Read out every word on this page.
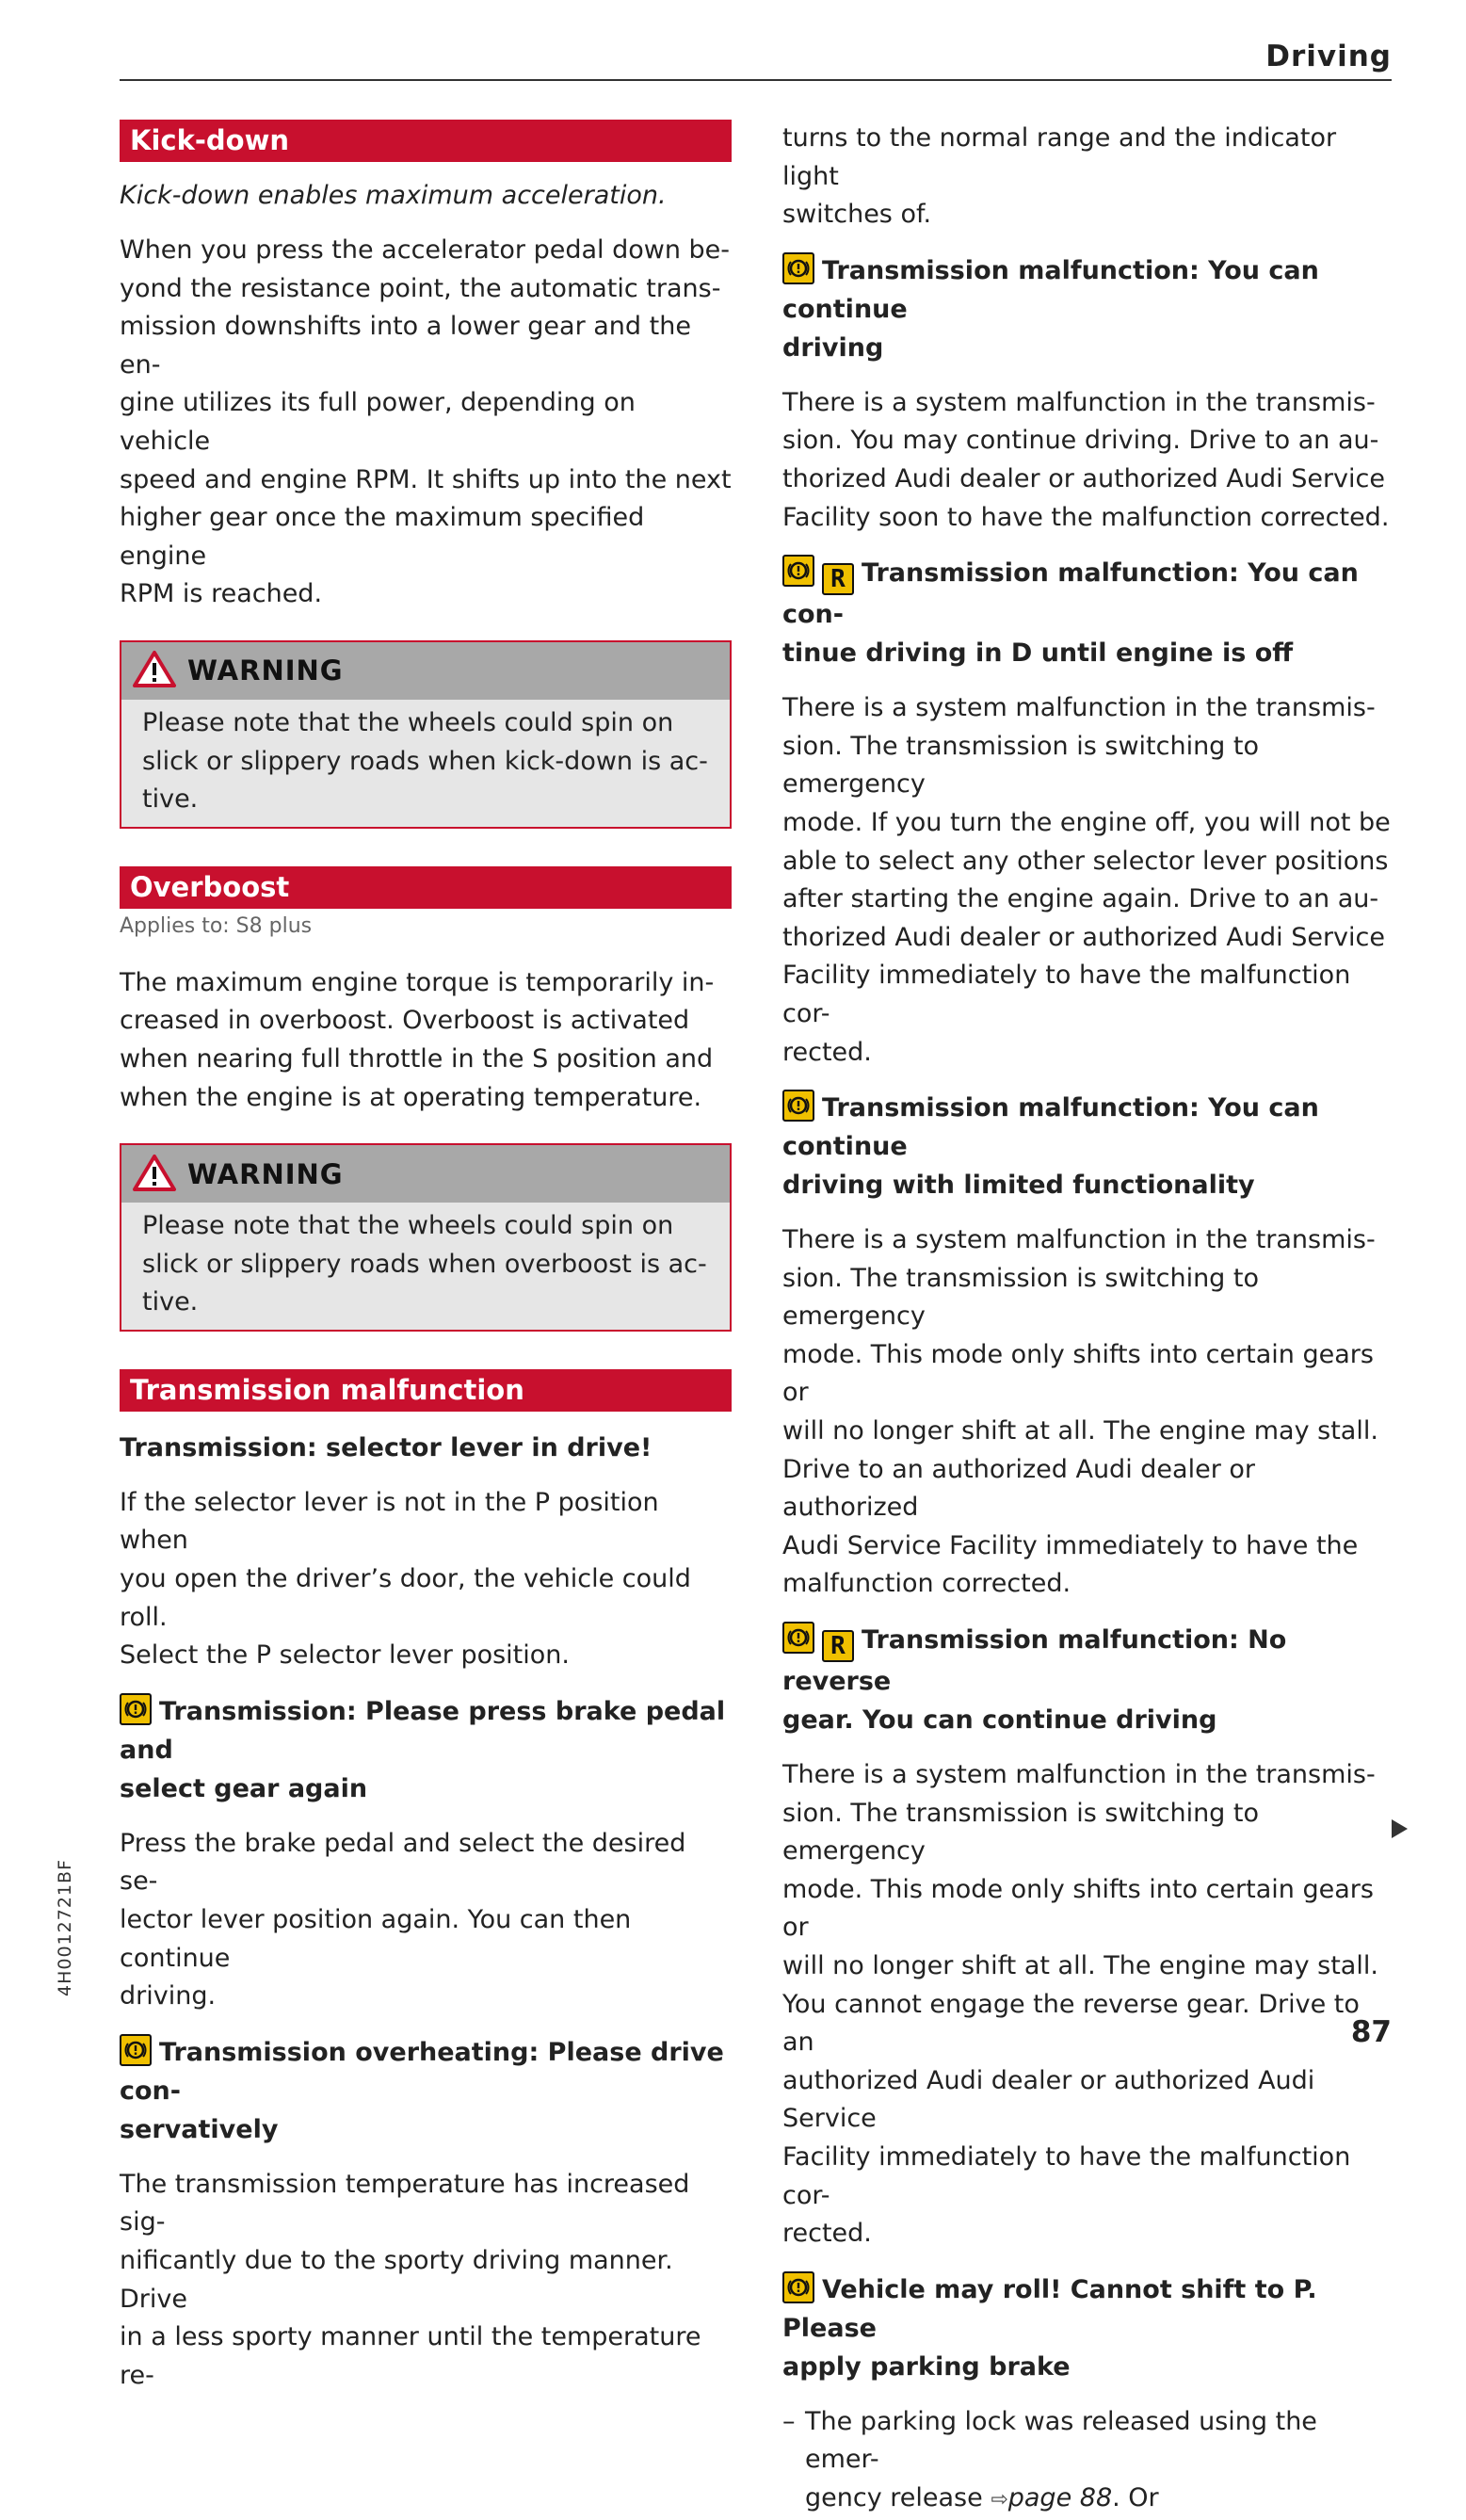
Driving
Kick-down
Kick-down enables maximum acceleration.

When you press the accelerator pedal down be-

yond the resistance point, the automatic trans-

mission downshifts into a lower gear and the en-

gine utilizes its full power, depending on vehicle

speed and engine RPM. It shifts up into the next

higher gear once the maximum specified engine

RPM is reached.

WARNING
Please note that the wheels could spin on
slick or slippery roads when kick-down is ac-
tive.
Overboost
Applies to: S8 plus

The maximum engine torque is temporarily in-

creased in overboost. Overboost is activated

when nearing full throttle in the S position and

when the engine is at operating temperature.

WARNING
Please note that the wheels could spin on
slick or slippery roads when overboost is ac-
tive.
Transmission malfunction

Transmission: selector lever in drive!

If the selector lever is not in the P position when

you open the driver’s door, the vehicle could roll.

Select the P selector lever position.

Transmission: Please press brake pedal and
select gear again

Press the brake pedal and select the desired se-

lector lever position again. You can then continue

driving.

Transmission overheating: Please drive con-
servatively

The transmission temperature has increased sig-

nificantly due to the sporty driving manner. Drive

in a less sporty manner until the temperature re-

turns to the normal range and the indicator light

switches of.

Transmission malfunction: You can continue
driving

There is a system malfunction in the transmis-

sion. You may continue driving. Drive to an au-

thorized Audi dealer or authorized Audi Service

Facility soon to have the malfunction corrected.

R Transmission malfunction: You can con-
tinue driving in D until engine is off

There is a system malfunction in the transmis-

sion. The transmission is switching to emergency

mode. If you turn the engine off, you will not be

able to select any other selector lever positions

after starting the engine again. Drive to an au-

thorized Audi dealer or authorized Audi Service

Facility immediately to have the malfunction cor-

rected.

Transmission malfunction: You can continue
driving with limited functionality

There is a system malfunction in the transmis-

sion. The transmission is switching to emergency

mode. This mode only shifts into certain gears or

will no longer shift at all. The engine may stall.

Drive to an authorized Audi dealer or authorized

Audi Service Facility immediately to have the

malfunction corrected.

R Transmission malfunction: No reverse
gear. You can continue driving

There is a system malfunction in the transmis-

sion. The transmission is switching to emergency

mode. This mode only shifts into certain gears or

will no longer shift at all. The engine may stall.

You cannot engage the reverse gear. Drive to an

authorized Audi dealer or authorized Audi Service

Facility immediately to have the malfunction cor-

rected.

Vehicle may roll! Cannot shift to P. Please
apply parking brake

– The parking lock was released using the emer-
gency release ⇨page 88. Or
4H0012721BF
87
